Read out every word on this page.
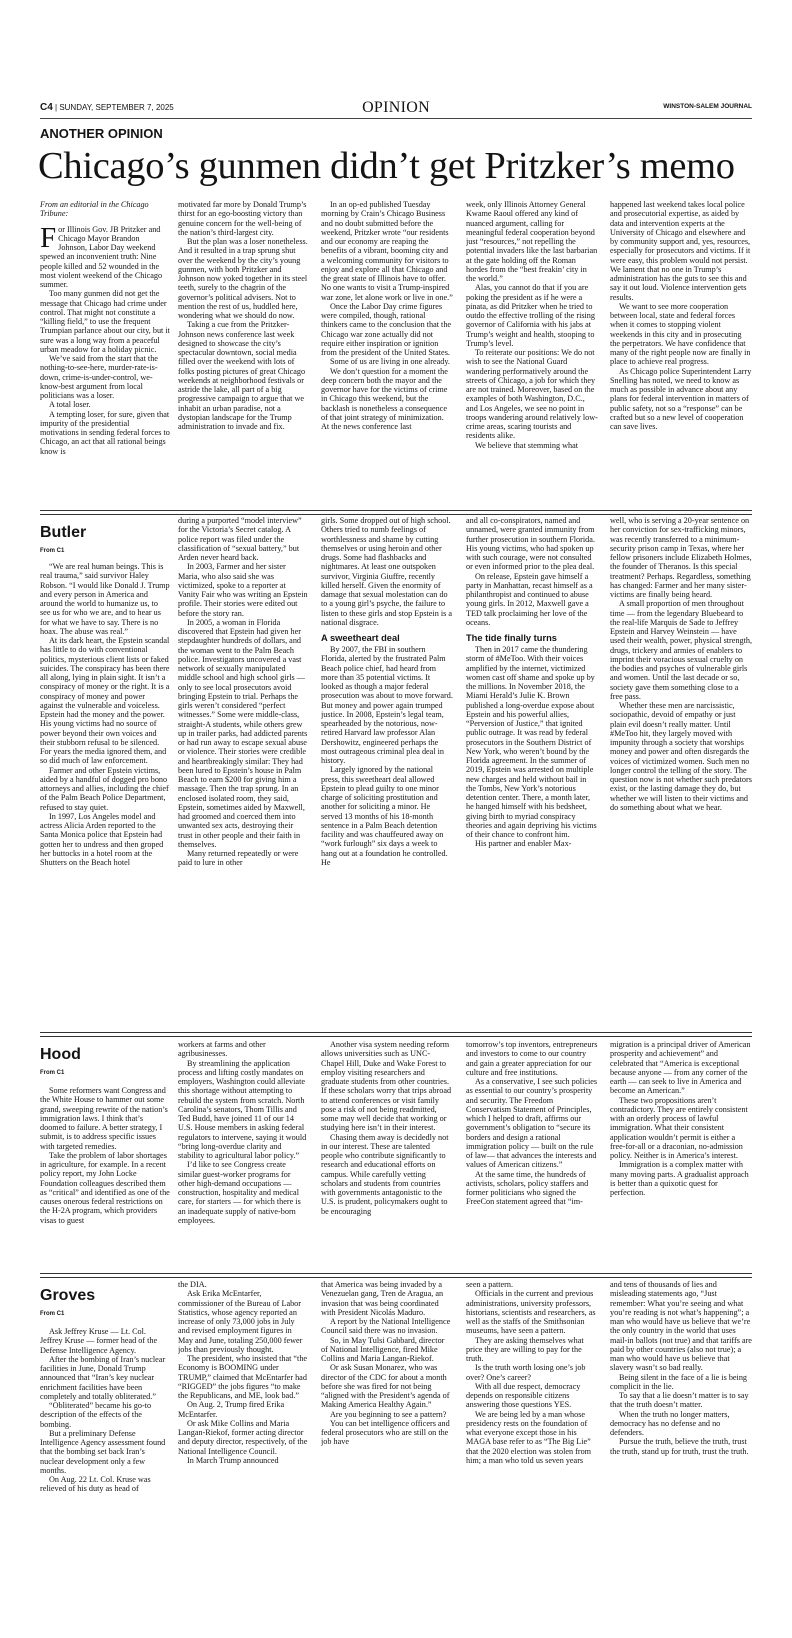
C4 | SUNDAY, SEPTEMBER 7, 2025	OPINION	WINSTON-SALEM JOURNAL
ANOTHER OPINION
Chicago’s gunmen didn’t get Pritzker’s memo

From an editorial in the Chicago Tribune:

For Illinois Gov. JB Pritzker and Chicago Mayor Brandon Johnson, Labor Day weekend spewed an inconvenient truth: Nine people killed and 52 wounded in the most violent weekend of the Chicago summer.

Too many gunmen did not get the message that Chicago had crime under control. That might not constitute a “killing field,” to use the frequent Trumpian parlance about our city, but it sure was a long way from a peaceful urban meadow for a holiday picnic.

We’ve said from the start that the nothing-to-see-here, murder-rate-is-down, crime-is-under-control, we-know-best argument from local politicians was a loser.

A total loser.

A tempting loser, for sure, given that impurity of the presidential motivations in sending federal forces to Chicago, an act that all rational beings know is

motivated far more by Donald Trump’s thirst for an ego-boosting victory than genuine concern for the well-being of the nation’s third-largest city.

But the plan was a loser nonetheless. And it resulted in a trap sprung shut over the weekend by the city’s young gunmen, with both Pritzker and Johnson now yoked together in its steel teeth, surely to the chagrin of the governor’s political advisers. Not to mention the rest of us, huddled here, wondering what we should do now.

Taking a cue from the Pritzker-Johnson news conference last week designed to showcase the city’s spectacular downtown, social media filled over the weekend with lots of folks posting pictures of great Chicago weekends at neighborhood festivals or astride the lake, all part of a big progressive campaign to argue that we inhabit an urban paradise, not a dystopian landscape for the Trump administration to invade and fix.

In an op-ed published Tuesday morning by Crain’s Chicago Business and no doubt submitted before the weekend, Pritzker wrote “our residents and our economy are reaping the benefits of a vibrant, booming city and a welcoming community for visitors to enjoy and explore all that Chicago and the great state of Illinois have to offer. No one wants to visit a Trump-inspired war zone, let alone work or live in one.”

Once the Labor Day crime figures were compiled, though, rational thinkers came to the conclusion that the Chicago war zone actually did not require either inspiration or ignition from the president of the United States.

Some of us are living in one already.

We don’t question for a moment the deep concern both the mayor and the governor have for the victims of crime in Chicago this weekend, but the backlash is nonetheless a consequence of that joint strategy of minimization. At the news conference last

week, only Illinois Attorney General Kwame Raoul offered any kind of nuanced argument, calling for meaningful federal cooperation beyond just “resources,” not repelling the potential invaders like the last barbarian at the gate holding off the Roman hordes from the “best freakin’ city in the world.”

Alas, you cannot do that if you are poking the president as if he were a pinata, as did Pritzker when he tried to outdo the effective trolling of the rising governor of California with his jabs at Trump’s weight and health, stooping to Trump’s level.

To reiterate our positions: We do not wish to see the National Guard wandering performatively around the streets of Chicago, a job for which they are not trained. Moreover, based on the examples of both Washington, D.C., and Los Angeles, we see no point in troops wandering around relatively low-crime areas, scaring tourists and residents alike.

We believe that stemming what

happened last weekend takes local police and prosecutorial expertise, as aided by data and intervention experts at the University of Chicago and elsewhere and by community support and, yes, resources, especially for prosecutors and victims. If it were easy, this problem would not persist. We lament that no one in Trump’s administration has the guts to see this and say it out loud. Violence intervention gets results.

We want to see more cooperation between local, state and federal forces when it comes to stopping violent weekends in this city and in prosecuting the perpetrators. We have confidence that many of the right people now are finally in place to achieve real progress.

As Chicago police Superintendent Larry Snelling has noted, we need to know as much as possible in advance about any plans for federal intervention in matters of public safety, not so a “response” can be crafted but so a new level of cooperation can save lives.

Butler
From C1

“We are real human beings. This is real trauma,” said survivor Haley Robson. “I would like Donald J. Trump and every person in America and around the world to humanize us, to see us for who we are, and to hear us for what we have to say. There is no hoax. The abuse was real.”

At its dark heart, the Epstein scandal has little to do with conventional politics, mysterious client lists or faked suicides. The conspiracy has been there all along, lying in plain sight. It isn’t a conspiracy of money or the right. It is a conspiracy of money and power against the vulnerable and voiceless. Epstein had the money and the power. His young victims had no source of power beyond their own voices and their stubborn refusal to be silenced. For years the media ignored them, and so did much of law enforcement.

Farmer and other Epstein victims, aided by a handful of dogged pro bono attorneys and allies, including the chief of the Palm Beach Police Department, refused to stay quiet.

In 1997, Los Angeles model and actress Alicia Arden reported to the Santa Monica police that Epstein had gotten her to undress and then groped her buttocks in a hotel room at the Shutters on the Beach hotel

during a purported “model interview” for the Victoria’s Secret catalog. A police report was filed under the classification of “sexual battery,” but Arden never heard back.

In 2003, Farmer and her sister Maria, who also said she was victimized, spoke to a reporter at Vanity Fair who was writing an Epstein profile. Their stories were edited out before the story ran.

In 2005, a woman in Florida discovered that Epstein had given her stepdaughter hundreds of dollars, and the woman went to the Palm Beach police. Investigators uncovered a vast network of sexually manipulated middle school and high school girls — only to see local prosecutors avoid bringing Epstein to trial. Perhaps the girls weren’t considered “perfect witnesses.” Some were middle-class, straight-A students, while others grew up in trailer parks, had addicted parents or had run away to escape sexual abuse or violence. Their stories were credible and heartbreakingly similar: They had been lured to Epstein’s house in Palm Beach to earn $200 for giving him a massage. Then the trap sprung. In an enclosed isolated room, they said, Epstein, sometimes aided by Maxwell, had groomed and coerced them into unwanted sex acts, destroying their trust in other people and their faith in themselves.

Many returned repeatedly or were paid to lure in other

girls. Some dropped out of high school. Others tried to numb feelings of worthlessness and shame by cutting themselves or using heroin and other drugs. Some had flashbacks and nightmares. At least one outspoken survivor, Virginia Giuffre, recently killed herself. Given the enormity of damage that sexual molestation can do to a young girl’s psyche, the failure to listen to these girls and stop Epstein is a national disgrace.

A sweetheart deal

By 2007, the FBI in southern Florida, alerted by the frustrated Palm Beach police chief, had heard from more than 35 potential victims. It looked as though a major federal prosecution was about to move forward. But money and power again trumped justice. In 2008, Epstein’s legal team, spearheaded by the notorious, now-retired Harvard law professor Alan Dershowitz, engineered perhaps the most outrageous criminal plea deal in history.

Largely ignored by the national press, this sweetheart deal allowed Epstein to plead guilty to one minor charge of soliciting prostitution and another for soliciting a minor. He served 13 months of his 18-month sentence in a Palm Beach detention facility and was chauffeured away on “work furlough” six days a week to hang out at a foundation he controlled. He

and all co-conspirators, named and unnamed, were granted immunity from further prosecution in southern Florida. His young victims, who had spoken up with such courage, were not consulted or even informed prior to the plea deal.

On release, Epstein gave himself a party in Manhattan, recast himself as a philanthropist and continued to abuse young girls. In 2012, Maxwell gave a TED talk proclaiming her love of the oceans.

The tide finally turns

Then in 2017 came the thundering storm of #MeToo. With their voices amplified by the internet, victimized women cast off shame and spoke up by the millions. In November 2018, the Miami Herald’s Julie K. Brown published a long-overdue expose about Epstein and his powerful allies, “Perversion of Justice,” that ignited public outrage. It was read by federal prosecutors in the Southern District of New York, who weren’t bound by the Florida agreement. In the summer of 2019, Epstein was arrested on multiple new charges and held without bail in the Tombs, New York’s notorious detention center. There, a month later, he hanged himself with his bedsheet, giving birth to myriad conspiracy theories and again depriving his victims of their chance to confront him.

His partner and enabler Max-

well, who is serving a 20-year sentence on her conviction for sex-trafficking minors, was recently transferred to a minimum-security prison camp in Texas, where her fellow prisoners include Elizabeth Holmes, the founder of Theranos. Is this special treatment? Perhaps. Regardless, something has changed: Farmer and her many sister-victims are finally being heard.

A small proportion of men throughout time — from the legendary Bluebeard to the real-life Marquis de Sade to Jeffrey Epstein and Harvey Weinstein — have used their wealth, power, physical strength, drugs, trickery and armies of enablers to imprint their voracious sexual cruelty on the bodies and psyches of vulnerable girls and women. Until the last decade or so, society gave them something close to a free pass.

Whether these men are narcissistic, sociopathic, devoid of empathy or just plain evil doesn’t really matter. Until #MeToo hit, they largely moved with impunity through a society that worships money and power and often disregards the voices of victimized women. Such men no longer control the telling of the story. The question now is not whether such predators exist, or the lasting damage they do, but whether we will listen to their victims and do something about what we hear.

Hood
From C1

Some reformers want Congress and the White House to hammer out some grand, sweeping rewrite of the nation’s immigration laws. I think that’s doomed to failure. A better strategy, I submit, is to address specific issues with targeted remedies.

Take the problem of labor shortages in agriculture, for example. In a recent policy report, my John Locke Foundation colleagues described them as “critical” and identified as one of the causes onerous federal restrictions on the H-2A program, which providers visas to guest

workers at farms and other agribusinesses.

By streamlining the application process and lifting costly mandates on employers, Washington could alleviate this shortage without attempting to rebuild the system from scratch. North Carolina’s senators, Thom Tillis and Ted Budd, have joined 11 of our 14 U.S. House members in asking federal regulators to intervene, saying it would “bring long-overdue clarity and stability to agricultural labor policy.”

I’d like to see Congress create similar guest-worker programs for other high-demand occupations — construction, hospitality and medical care, for starters — for which there is an inadequate supply of native-born employees.

Another visa system needing reform allows universities such as UNC-Chapel Hill, Duke and Wake Forest to employ visiting researchers and graduate students from other countries. If these scholars worry that trips abroad to attend conferences or visit family pose a risk of not being readmitted, some may well decide that working or studying here isn’t in their interest.

Chasing them away is decidedly not in our interest. These are talented people who contribute significantly to research and educational efforts on campus. While carefully vetting scholars and students from countries with governments antagonistic to the U.S. is prudent, policymakers ought to be encouraging

tomorrow’s top inventors, entrepreneurs and investors to come to our country and gain a greater appreciation for our culture and free institutions.

As a conservative, I see such policies as essential to our country’s prosperity and security. The Freedom Conservatism Statement of Principles, which I helped to draft, affirms our government’s obligation to “secure its borders and design a rational immigration policy — built on the rule of law— that advances the interests and values of American citizens.”

At the same time, the hundreds of activists, scholars, policy staffers and former politicians who signed the FreeCon statement agreed that “im-

migration is a principal driver of American prosperity and achievement” and celebrated that “America is exceptional because anyone — from any corner of the earth — can seek to live in America and become an American.”

These two propositions aren’t contradictory. They are entirely consistent with an orderly process of lawful immigration. What their consistent application wouldn’t permit is either a free-for-all or a draconian, no-admission policy. Neither is in America’s interest.

Immigration is a complex matter with many moving parts. A gradualist approach is better than a quixotic quest for perfection.

Groves
From C1

Ask Jeffrey Kruse — Lt. Col. Jeffrey Kruse — former head of the Defense Intelligence Agency.

After the bombing of Iran’s nuclear facilities in June, Donald Trump announced that “Iran’s key nuclear enrichment facilities have been completely and totally obliterated.”

“Obliterated” became his go-to description of the effects of the bombing.

But a preliminary Defense Intelligence Agency assessment found that the bombing set back Iran’s nuclear development only a few months.

On Aug. 22 Lt. Col. Kruse was relieved of his duty as head of

the DIA.

Ask Erika McEntarfer, commissioner of the Bureau of Labor Statistics, whose agency reported an increase of only 73,000 jobs in July and revised employment figures in May and June, totaling 250,000 fewer jobs than previously thought.

The president, who insisted that “the Economy is BOOMING under TRUMP,” claimed that McEntarfer had “RIGGED” the jobs figures “to make the Republicans, and ME, look bad.”

On Aug. 2, Trump fired Erika McEntarfer.

Or ask Mike Collins and Maria Langan-Riekof, former acting director and deputy director, respectively, of the National Intelligence Council.

In March Trump announced

that America was being invaded by a Venezuelan gang, Tren de Aragua, an invasion that was being coordinated with President Nicolás Maduro.

A report by the National Intelligence Council said there was no invasion.

So, in May Tulsi Gabbard, director of National Intelligence, fired Mike Collins and Maria Langan-Riekof.

Or ask Susan Monarez, who was director of the CDC for about a month before she was fired for not being “aligned with the President’s agenda of Making America Healthy Again.”

Are you beginning to see a pattern?

You can bet intelligence officers and federal prosecutors who are still on the job have

seen a pattern.

Officials in the current and previous administrations, university professors, historians, scientists and researchers, as well as the staffs of the Smithsonian museums, have seen a pattern.

They are asking themselves what price they are willing to pay for the truth.

Is the truth worth losing one’s job over? One’s career?

With all due respect, democracy depends on responsible citizens answering those questions YES.

We are being led by a man whose presidency rests on the foundation of what everyone except those in his MAGA base refer to as “The Big Lie” that the 2020 election was stolen from him; a man who told us seven years

and tens of thousands of lies and misleading statements ago, “Just remember: What you’re seeing and what you’re reading is not what’s happening”; a man who would have us believe that we’re the only country in the world that uses mail-in ballots (not true) and that tariffs are paid by other countries (also not true); a man who would have us believe that slavery wasn’t so bad really.

Being silent in the face of a lie is being complicit in the lie.

To say that a lie doesn’t matter is to say that the truth doesn’t matter.

When the truth no longer matters, democracy has no defense and no defenders.

Pursue the truth, believe the truth, trust the truth, stand up for truth, trust the truth.
